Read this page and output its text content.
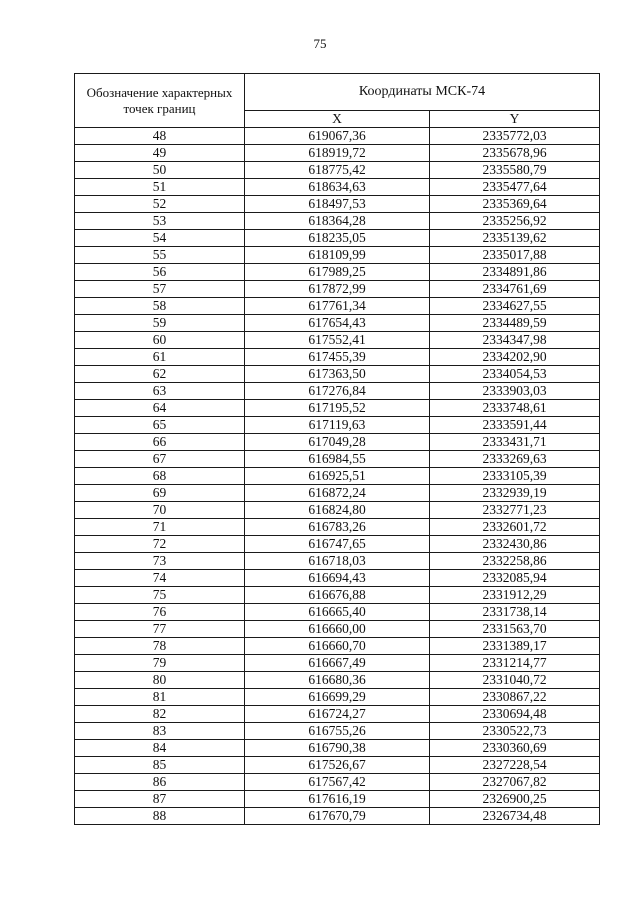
75
Обозначение характерных точек границ	Координаты МСК-74	
	X	Y
48	619067,36	2335772,03
49	618919,72	2335678,96
50	618775,42	2335580,79
51	618634,63	2335477,64
52	618497,53	2335369,64
53	618364,28	2335256,92
54	618235,05	2335139,62
55	618109,99	2335017,88
56	617989,25	2334891,86
57	617872,99	2334761,69
58	617761,34	2334627,55
59	617654,43	2334489,59
60	617552,41	2334347,98
61	617455,39	2334202,90
62	617363,50	2334054,53
63	617276,84	2333903,03
64	617195,52	2333748,61
65	617119,63	2333591,44
66	617049,28	2333431,71
67	616984,55	2333269,63
68	616925,51	2333105,39
69	616872,24	2332939,19
70	616824,80	2332771,23
71	616783,26	2332601,72
72	616747,65	2332430,86
73	616718,03	2332258,86
74	616694,43	2332085,94
75	616676,88	2331912,29
76	616665,40	2331738,14
77	616660,00	2331563,70
78	616660,70	2331389,17
79	616667,49	2331214,77
80	616680,36	2331040,72
81	616699,29	2330867,22
82	616724,27	2330694,48
83	616755,26	2330522,73
84	616790,38	2330360,69
85	617526,67	2327228,54
86	617567,42	2327067,82
87	617616,19	2326900,25
88	617670,79	2326734,48
